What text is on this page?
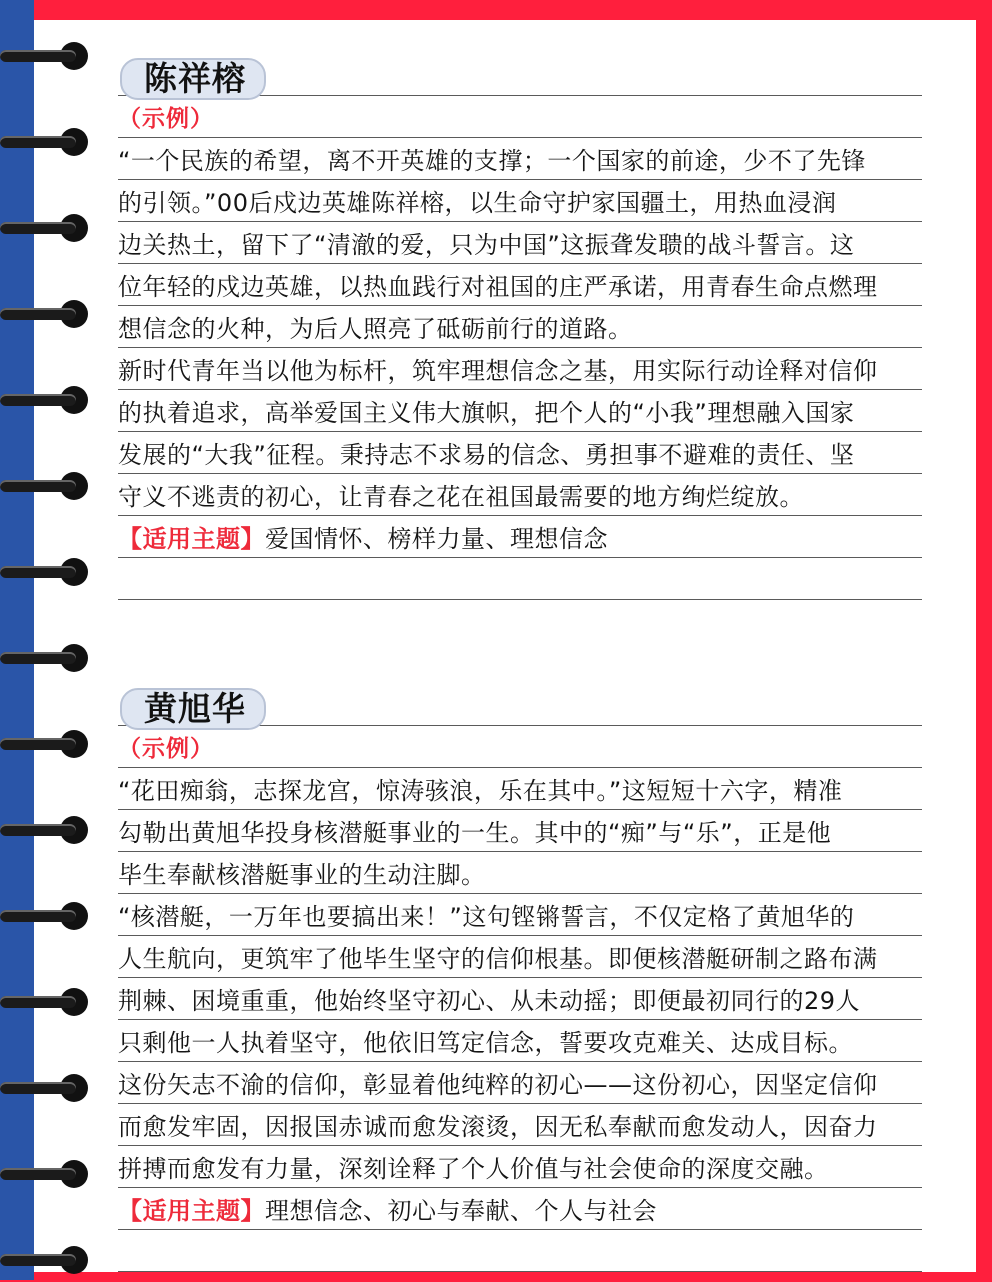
陈祥榕
（示例）
“一个民族的希望，离不开英雄的支撑；一个国家的前途，少不了先锋
的引领。”00后戍边英雄陈祥榕，以生命守护家国疆土，用热血浸润
边关热土，留下了“清澈的爱，只为中国”这振聋发聩的战斗誓言。这
位年轻的戍边英雄，以热血践行对祖国的庄严承诺，用青春生命点燃理
想信念的火种，为后人照亮了砥砺前行的道路。
新时代青年当以他为标杆，筑牢理想信念之基，用实际行动诠释对信仰
的执着追求，高举爱国主义伟大旗帜，把个人的“小我”理想融入国家
发展的“大我”征程。秉持志不求易的信念、勇担事不避难的责任、坚
守义不逃责的初心，让青春之花在祖国最需要的地方绚烂绽放。
【适用主题】爱国情怀、榜样力量、理想信念
黄旭华
（示例）
“花田痴翁，志探龙宫，惊涛骇浪，乐在其中。”这短短十六字，精准
勾勒出黄旭华投身核潜艇事业的一生。其中的“痴”与“乐”，正是他
毕生奉献核潜艇事业的生动注脚。
“核潜艇，一万年也要搞出来！”这句铿锵誓言，不仅定格了黄旭华的
人生航向，更筑牢了他毕生坚守的信仰根基。即便核潜艇研制之路布满
荆棘、困境重重，他始终坚守初心、从未动摇；即便最初同行的29人
只剩他一人执着坚守，他依旧笃定信念，誓要攻克难关、达成目标。
这份矢志不渝的信仰，彰显着他纯粹的初心——这份初心，因坚定信仰
而愈发牢固，因报国赤诚而愈发滚烫，因无私奉献而愈发动人，因奋力
拼搏而愈发有力量，深刻诠释了个人价值与社会使命的深度交融。
【适用主题】理想信念、初心与奉献、个人与社会
